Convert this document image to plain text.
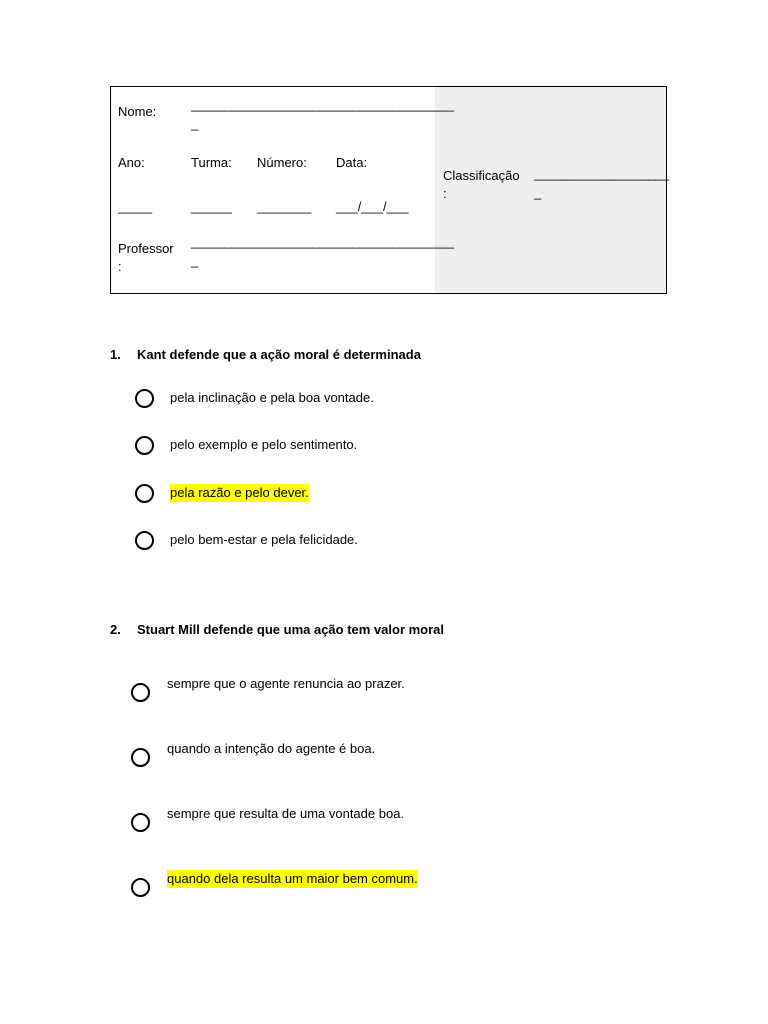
Nome:	_______________________________________
_
Ano:	Turma: Número: Data:
_____	______ ________ ___/___/___
Professor
:
_______________________________________
_
Classificação
:
____________________
_
1. Kant defende que a ação moral é determinada
pela inclinação e pela boa vontade.
pelo exemplo e pelo sentimento.
pela razão e pelo dever.
pelo bem-estar e pela felicidade.
2. Stuart Mill defende que uma ação tem valor moral
sempre que o agente renuncia ao prazer.
quando a intenção do agente é boa.
sempre que resulta de uma vontade boa.
quando dela resulta um maior bem comum.
